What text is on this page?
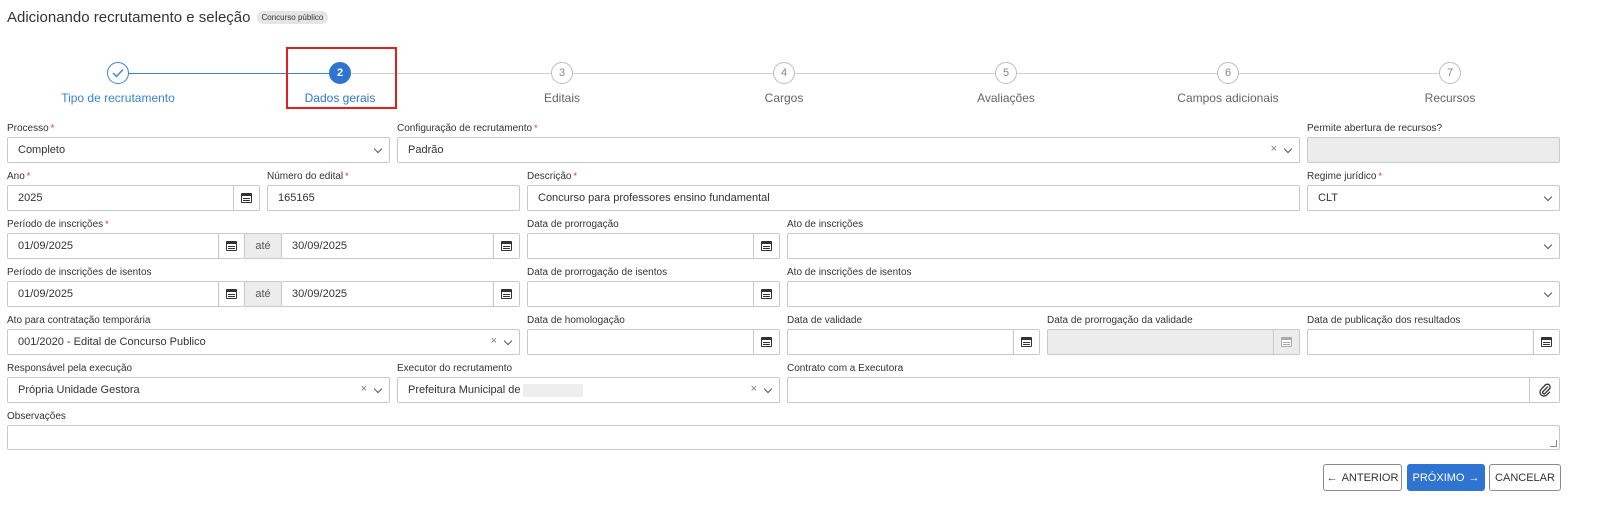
Adicionando recrutamento e seleção	Concurso público
Tipo de recrutamento
2
Dados gerais
3
Editais
4
Cargos
5
Avaliações
6
Campos adicionais
7
Recursos
Processo *
Completo
Configuração de recrutamento *
Padrão	×
Permite abertura de recursos?
Ano *
2025
Número do edital *
165165
Descrição *
Concurso para professores ensino fundamental
Regime jurídico *
CLT
Período de inscrições *
01/09/2025	até	30/09/2025
Data de prorrogação	Ato de inscrições
Período de inscrições de isentos
01/09/2025	até	30/09/2025
Data de prorrogação de isentos	Ato de inscrições de isentos
Ato para contratação temporária
001/2020 - Edital de Concurso Publico	×
Data de homologação	Data de validade	Data de prorrogação da validade	Data de publicação dos resultados
Responsável pela execução
Própria Unidade Gestora	×
Executor do recrutamento
Prefeitura Municipal de	×
Contrato com a Executora
Observações
← ANTERIOR PRÓXIMO → CANCELAR
